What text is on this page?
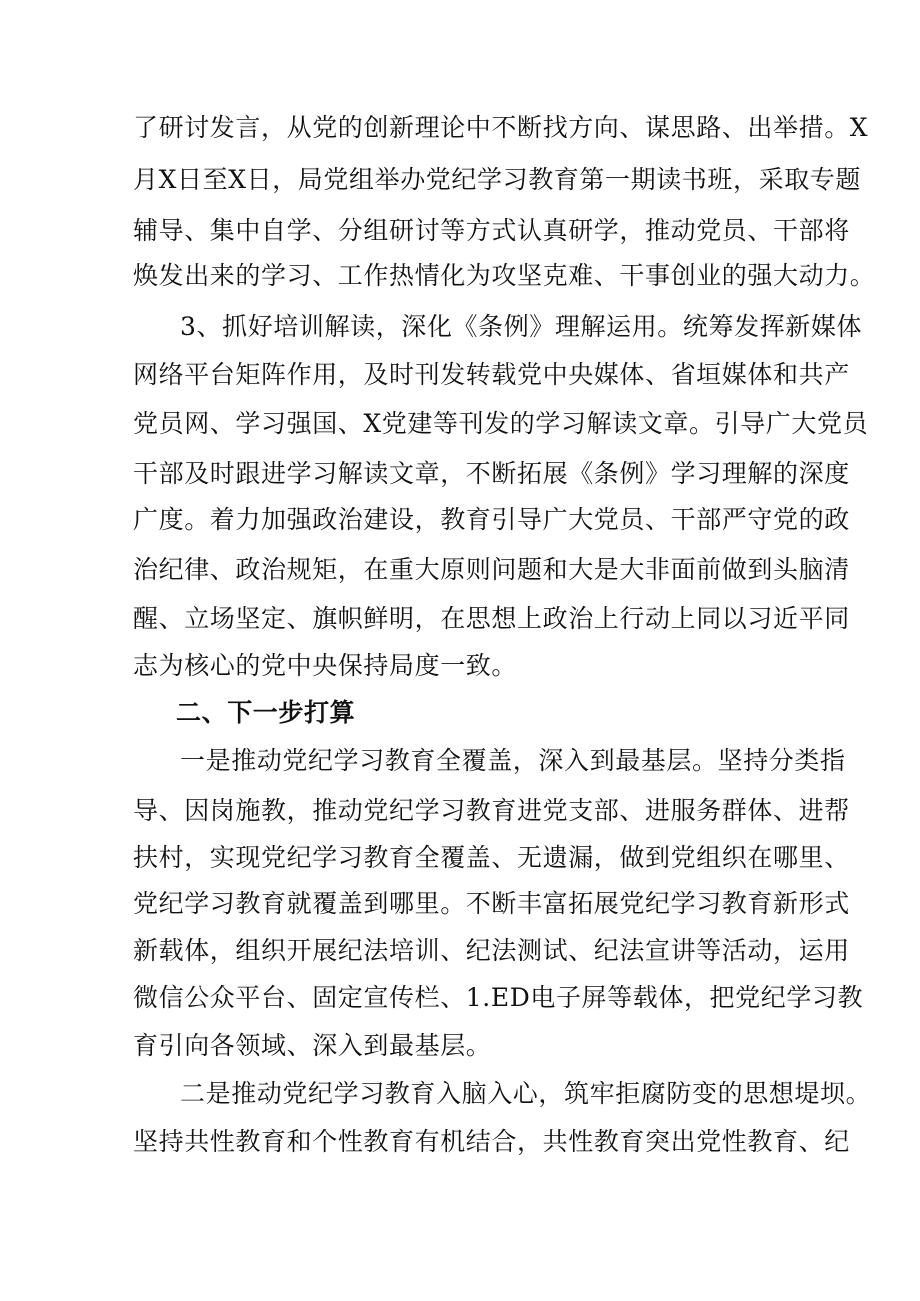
了研讨发言，从党的创新理论中不断找方向、谋思路、出举措。X
月X日至X日，局党组举办党纪学习教育第一期读书班，采取专题
辅导、集中自学、分组研讨等方式认真研学，推动党员、干部将
焕发出来的学习、工作热情化为攻坚克难、干事创业的强大动力。
3、抓好培训解读，深化《条例》理解运用。统筹发挥新媒体
网络平台矩阵作用，及时刊发转载党中央媒体、省垣媒体和共产
党员网、学习强国、X党建等刊发的学习解读文章。引导广大党员
干部及时跟进学习解读文章，不断拓展《条例》学习理解的深度
广度。着力加强政治建设，教育引导广大党员、干部严守党的政
治纪律、政治规矩，在重大原则问题和大是大非面前做到头脑清
醒、立场坚定、旗帜鲜明，在思想上政治上行动上同以习近平同
志为核心的党中央保持局度一致。
二、下一步打算
一是推动党纪学习教育全覆盖，深入到最基层。坚持分类指
导、因岗施教，推动党纪学习教育进党支部、进服务群体、进帮
扶村，实现党纪学习教育全覆盖、无遗漏，做到党组织在哪里、
党纪学习教育就覆盖到哪里。不断丰富拓展党纪学习教育新形式
新载体，组织开展纪法培训、纪法测试、纪法宣讲等活动，运用
微信公众平台、固定宣传栏、1.ED电子屏等载体，把党纪学习教
育引向各领域、深入到最基层。
二是推动党纪学习教育入脑入心，筑牢拒腐防变的思想堤坝。
坚持共性教育和个性教育有机结合，共性教育突出党性教育、纪
